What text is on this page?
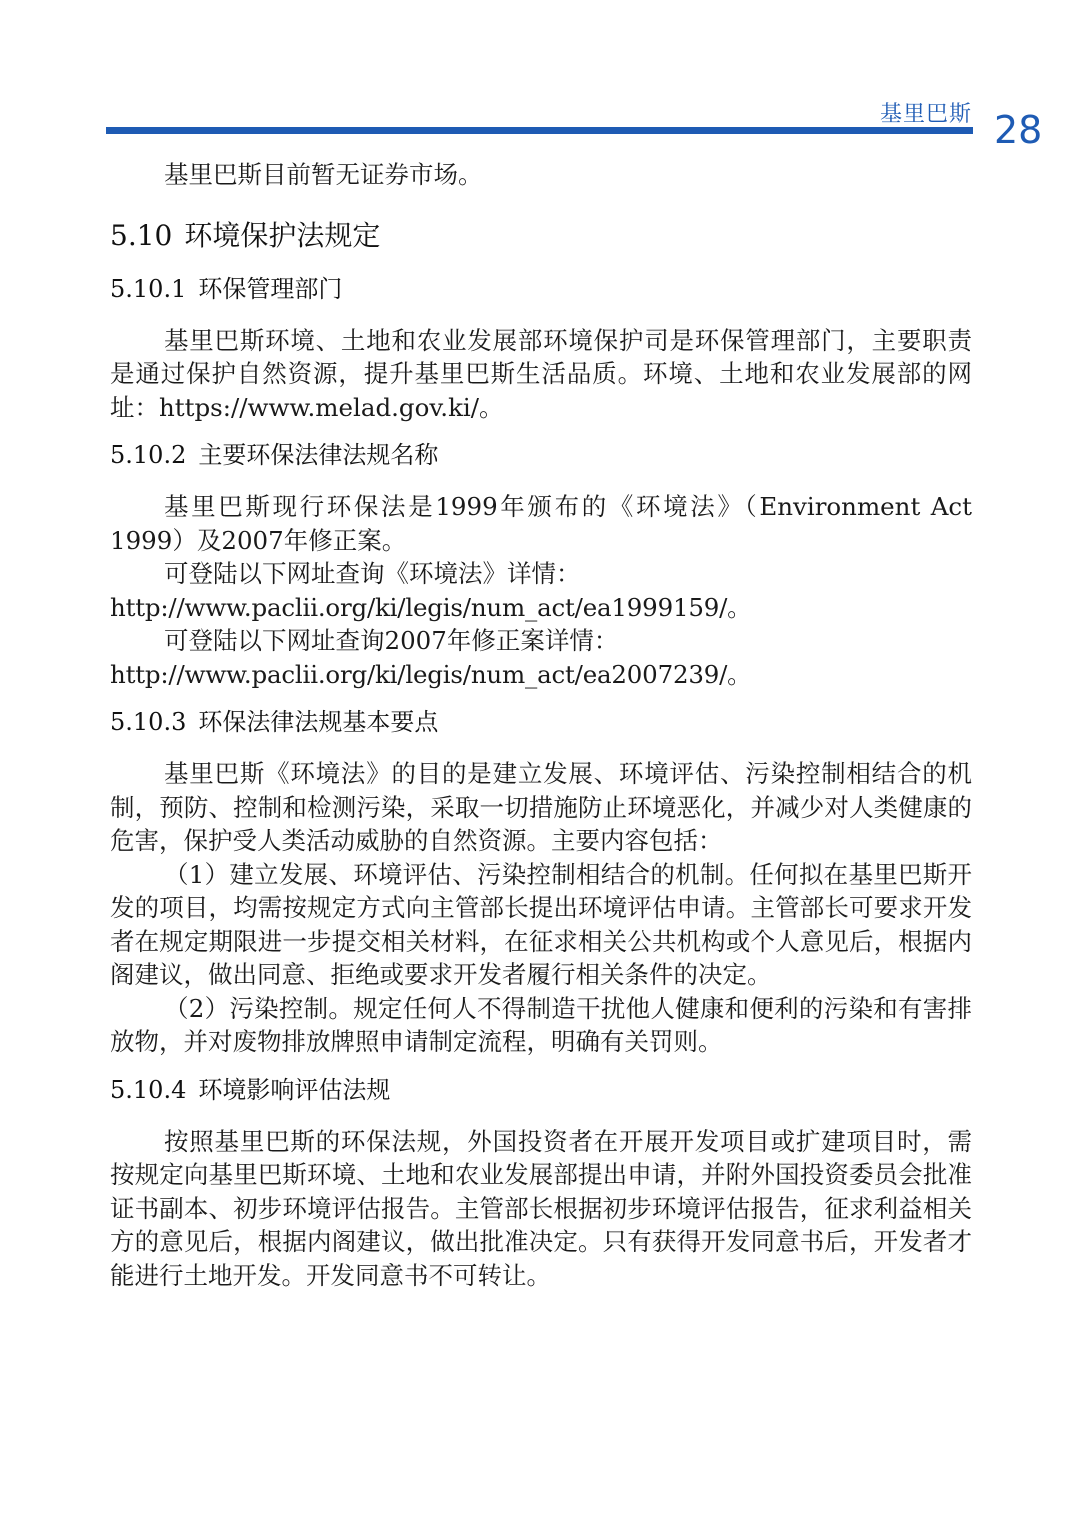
基里巴斯 28

基里巴斯目前暂无证券市场。

5.10 环境保护法规定
5.10.1 环保管理部门

基里巴斯环境、土地和农业发展部环境保护司是环保管理部门，主要职责是通过保护自然资源，提升基里巴斯生活品质。环境、土地和农业发展部的网址：https://www.melad.gov.ki/。

5.10.2 主要环保法律法规名称

基里巴斯现行环保法是1999年颁布的《环境法》（Environment Act 1999）及2007年修正案。

可登陆以下网址查询《环境法》详情：

http://www.paclii.org/ki/legis/num_act/ea1999159/。

可登陆以下网址查询2007年修正案详情：

http://www.paclii.org/ki/legis/num_act/ea2007239/。

5.10.3 环保法律法规基本要点

基里巴斯《环境法》的目的是建立发展、环境评估、污染控制相结合的机制，预防、控制和检测污染，采取一切措施防止环境恶化，并减少对人类健康的危害，保护受人类活动威胁的自然资源。主要内容包括：

（1）建立发展、环境评估、污染控制相结合的机制。任何拟在基里巴斯开发的项目，均需按规定方式向主管部长提出环境评估申请。主管部长可要求开发者在规定期限进一步提交相关材料，在征求相关公共机构或个人意见后，根据内阁建议，做出同意、拒绝或要求开发者履行相关条件的决定。

（2）污染控制。规定任何人不得制造干扰他人健康和便利的污染和有害排放物，并对废物排放牌照申请制定流程，明确有关罚则。

5.10.4 环境影响评估法规

按照基里巴斯的环保法规，外国投资者在开展开发项目或扩建项目时，需按规定向基里巴斯环境、土地和农业发展部提出申请，并附外国投资委员会批准证书副本、初步环境评估报告。主管部长根据初步环境评估报告，征求利益相关方的意见后，根据内阁建议，做出批准决定。只有获得开发同意书后，开发者才能进行土地开发。开发同意书不可转让。
